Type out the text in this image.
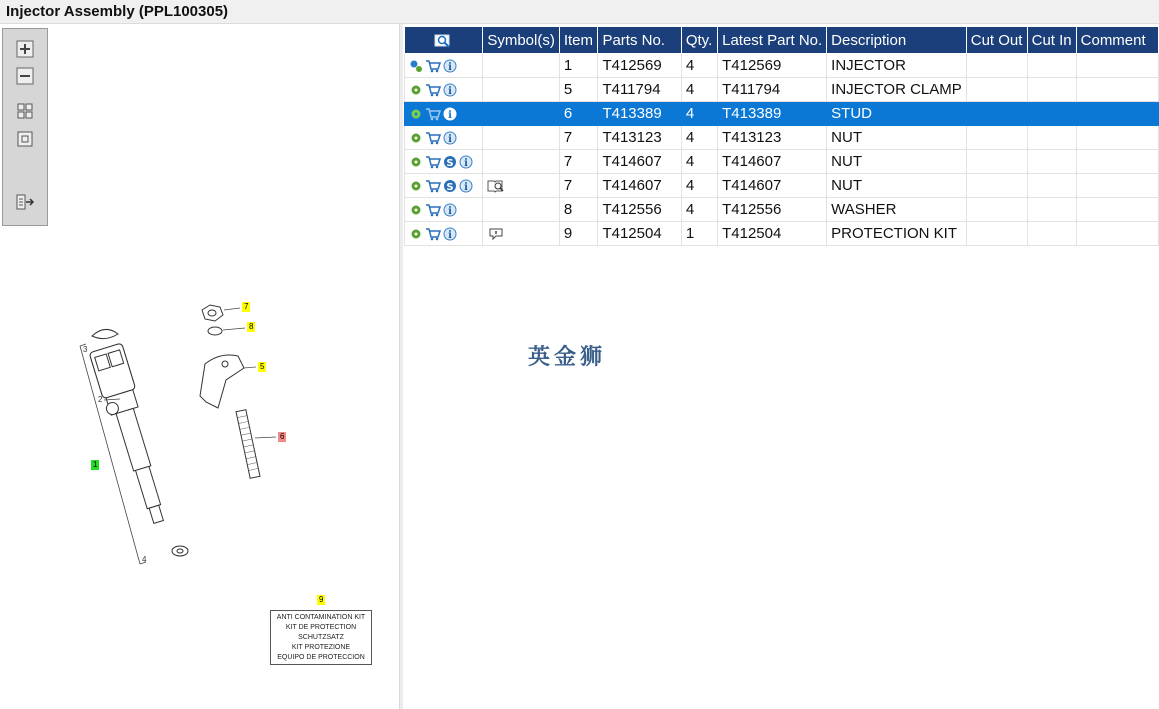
Injector Assembly (PPL100305)
3
2
4
1
7
8
5
6
9
ANTI CONTAMINATION KIT
KIT DE PROTECTION
SCHUTZSATZ
KIT PROTEZIONE
EQUIPO DE PROTECCION
	Symbol(s)	Item	Parts No.	Qty.	Latest Part No.	Description	Cut Out	Cut In	Comment

i		1	T412569	4	T412569	INJECTOR			

i		5	T411794	4	T411794	INJECTOR CLAMP			

i		6	T413389	4	T413389	STUD			

i		7	T413123	4	T413123	NUT			

S i		7	T414607	4	T414607	NUT			

S i		7	T414607	4	T414607	NUT			

i		8	T412556	4	T412556	WASHER			

i		9	T412504	1	T412504	PROTECTION KIT			
英金狮
